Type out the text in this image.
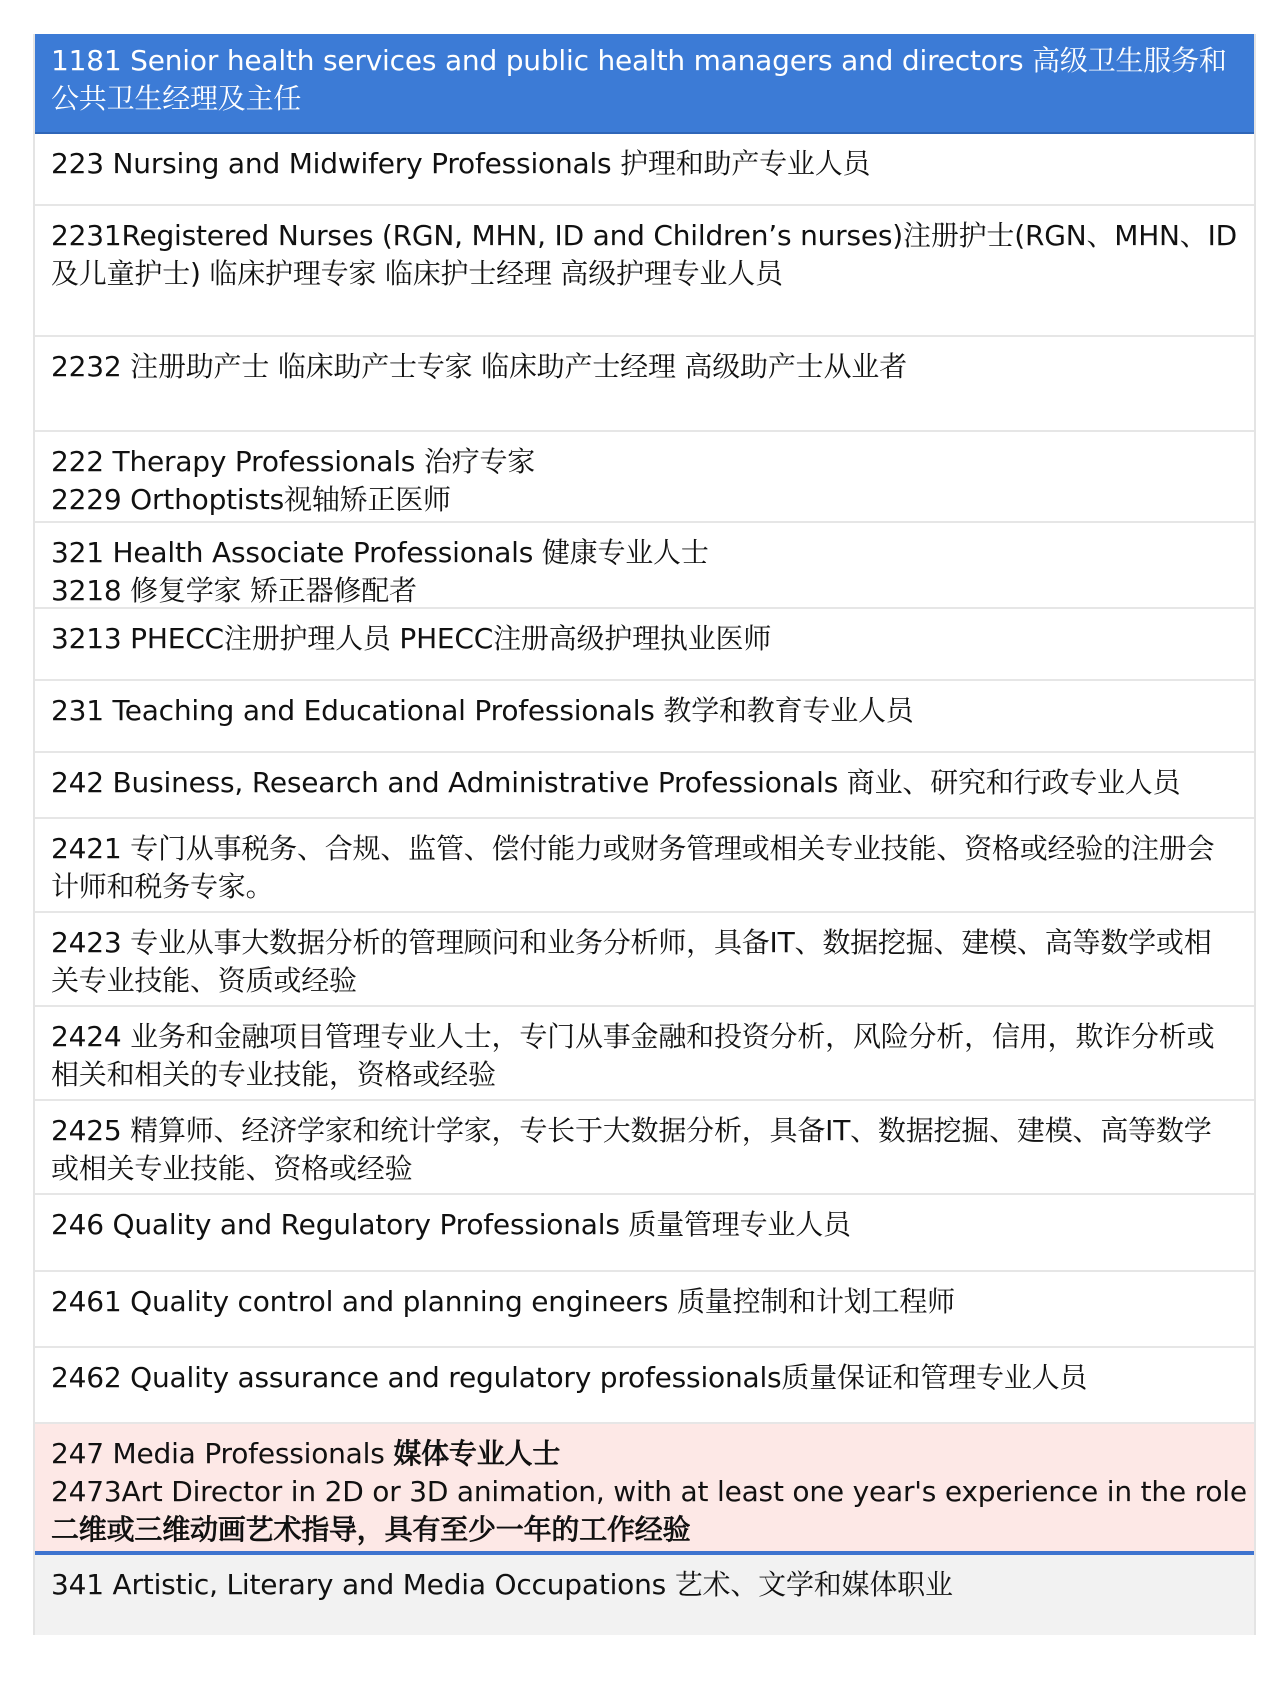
1181 Senior health services and public health managers and directors 高级卫生服务和公共卫生经理及主任
223 Nursing and Midwifery Professionals 护理和助产专业人员
2231Registered Nurses (RGN, MHN, ID and Children’s nurses)注册护士(RGN、MHN、ID及儿童护士) 临床护理专家 临床护士经理 高级护理专业人员
2232 注册助产士 临床助产士专家 临床助产士经理 高级助产士从业者
222 Therapy Professionals 治疗专家
2229 Orthoptists视轴矫正医师
321 Health Associate Professionals 健康专业人士
3218 修复学家 矫正器修配者
3213 PHECC注册护理人员 PHECC注册高级护理执业医师
231 Teaching and Educational Professionals 教学和教育专业人员
242 Business, Research and Administrative Professionals 商业、研究和行政专业人员
2421 专门从事税务、合规、监管、偿付能力或财务管理或相关专业技能、资格或经验的注册会计师和税务专家。
2423 专业从事大数据分析的管理顾问和业务分析师，具备IT、数据挖掘、建模、高等数学或相关专业技能、资质或经验
2424 业务和金融项目管理专业人士，专门从事金融和投资分析，风险分析，信用，欺诈分析或相关和相关的专业技能，资格或经验
2425 精算师、经济学家和统计学家，专长于大数据分析，具备IT、数据挖掘、建模、高等数学或相关专业技能、资格或经验
246 Quality and Regulatory Professionals 质量管理专业人员
2461 Quality control and planning engineers 质量控制和计划工程师
2462 Quality assurance and regulatory professionals质量保证和管理专业人员
247 Media Professionals 媒体专业人士
2473Art Director in 2D or 3D animation, with at least one year's experience in the role
二维或三维动画艺术指导，具有至少一年的工作经验
341 Artistic, Literary and Media Occupations 艺术、文学和媒体职业
